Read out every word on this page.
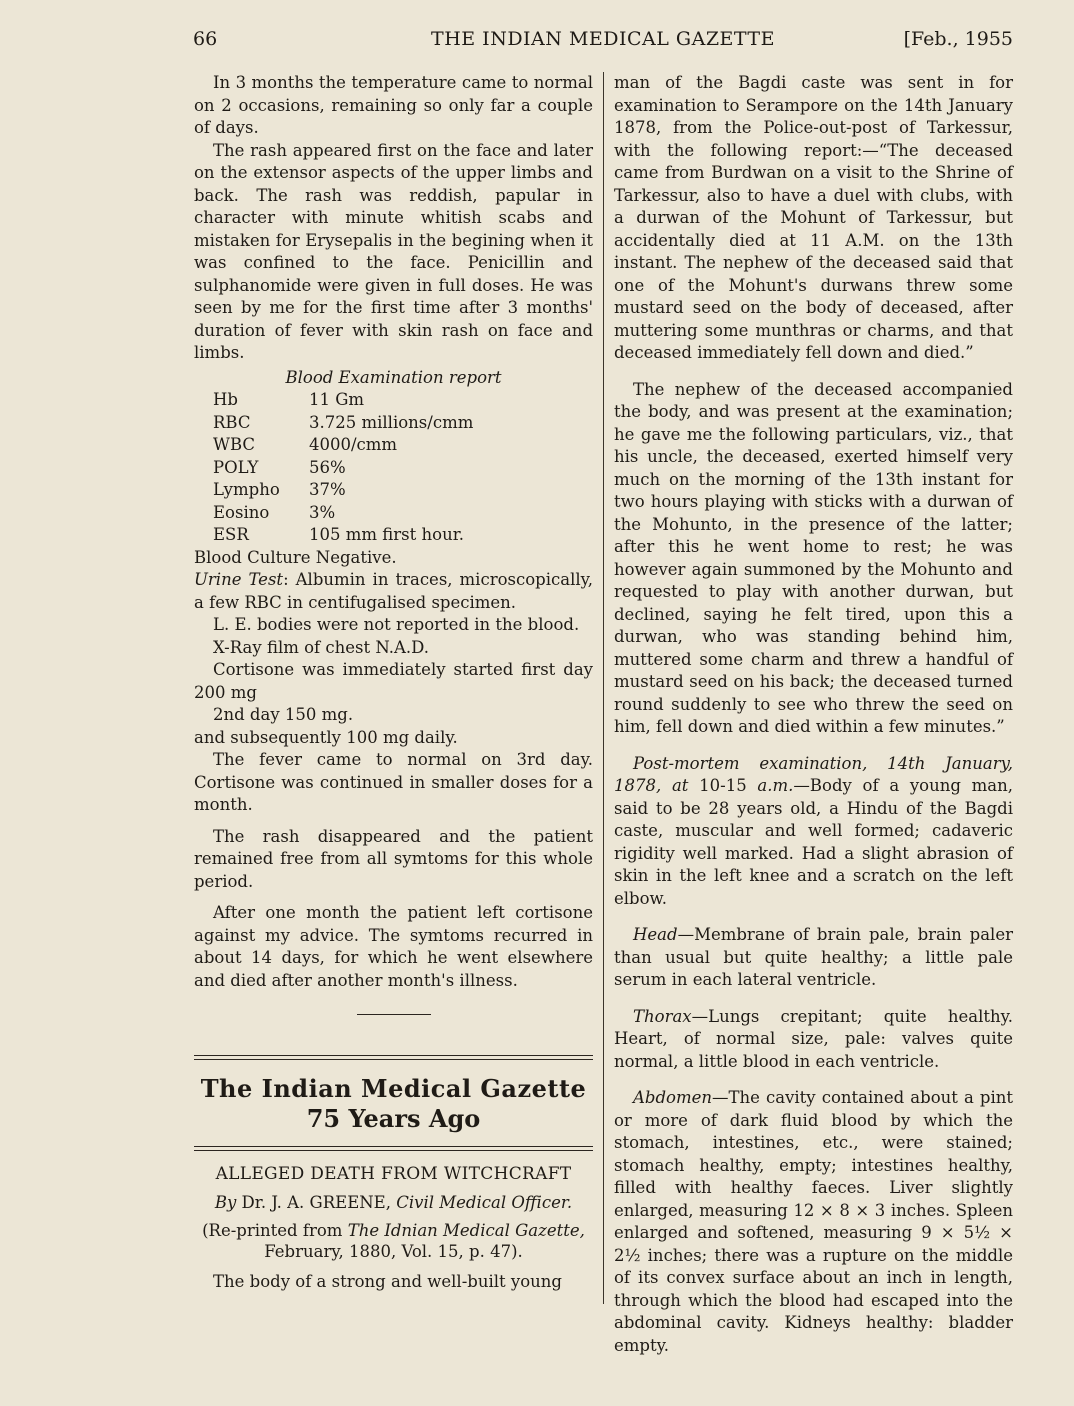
66	THE INDIAN MEDICAL GAZETTE	[Feb., 1955

In 3 months the temperature came to normal on 2 occasions, remaining so only far a couple of days.

The rash appeared first on the face and later on the extensor aspects of the upper limbs and back. The rash was reddish, papular in character with minute whitish scabs and mistaken for Erysepalis in the begining when it was confined to the face. Penicillin and sulphanomide were given in full doses. He was seen by me for the first time after 3 months' duration of fever with skin rash on face and limbs.

Blood Examination report
Hb	11 Gm
RBC	3.725 millions/cmm
WBC	4000/cmm
POLY	56%
Lympho	37%
Eosino	3%
ESR	105 mm first hour.

Blood Culture Negative.

Urine Test: Albumin in traces, microscopically, a few RBC in centifugalised specimen.

L. E. bodies were not reported in the blood.

X-Ray film of chest N.A.D.

Cortisone was immediately started first day 200 mg

2nd day 150 mg.

and subsequently 100 mg daily.

The fever came to normal on 3rd day. Cortisone was continued in smaller doses for a month.

The rash disappeared and the patient remained free from all symtoms for this whole period.

After one month the patient left cortisone against my advice. The symtoms recurred in about 14 days, for which he went elsewhere and died after another month's illness.

The Indian Medical Gazette
75 Years Ago
ALLEGED DEATH FROM WITCHCRAFT
By Dr. J. A. GREENE, Civil Medical Officer.
(Re-printed from The Idnian Medical Gazette,
February, 1880, Vol. 15, p. 47).

The body of a strong and well-built young

man of the Bagdi caste was sent in for examination to Serampore on the 14th January 1878, from the Police-out-post of Tarkessur, with the following report:—“The deceased came from Burdwan on a visit to the Shrine of Tarkessur, also to have a duel with clubs, with a durwan of the Mohunt of Tarkessur, but accidentally died at 11 A.M. on the 13th instant. The nephew of the deceased said that one of the Mohunt's durwans threw some mustard seed on the body of deceased, after muttering some munthras or charms, and that deceased immediately fell down and died.”

The nephew of the deceased accompanied the body, and was present at the examination; he gave me the following particulars, viz., that his uncle, the deceased, exerted himself very much on the morning of the 13th instant for two hours playing with sticks with a durwan of the Mohunto, in the presence of the latter; after this he went home to rest; he was however again summoned by the Mohunto and requested to play with another durwan, but declined, saying he felt tired, upon this a durwan, who was standing behind him, muttered some charm and threw a handful of mustard seed on his back; the deceased turned round suddenly to see who threw the seed on him, fell down and died within a few minutes.”

Post-mortem examination, 14th January, 1878, at 10-15 a.m.—Body of a young man, said to be 28 years old, a Hindu of the Bagdi caste, muscular and well formed; cadaveric rigidity well marked. Had a slight abrasion of skin in the left knee and a scratch on the left elbow.

Head—Membrane of brain pale, brain paler than usual but quite healthy; a little pale serum in each lateral ventricle.

Thorax—Lungs crepitant; quite healthy. Heart, of normal size, pale: valves quite normal, a little blood in each ventricle.

Abdomen—The cavity contained about a pint or more of dark fluid blood by which the stomach, intestines, etc., were stained; stomach healthy, empty; intestines healthy, filled with healthy faeces. Liver slightly enlarged, measuring 12 × 8 × 3 inches. Spleen enlarged and softened, measuring 9 × 5½ × 2½ inches; there was a rupture on the middle of its convex surface about an inch in length, through which the blood had escaped into the abdominal cavity. Kidneys healthy: bladder empty.
